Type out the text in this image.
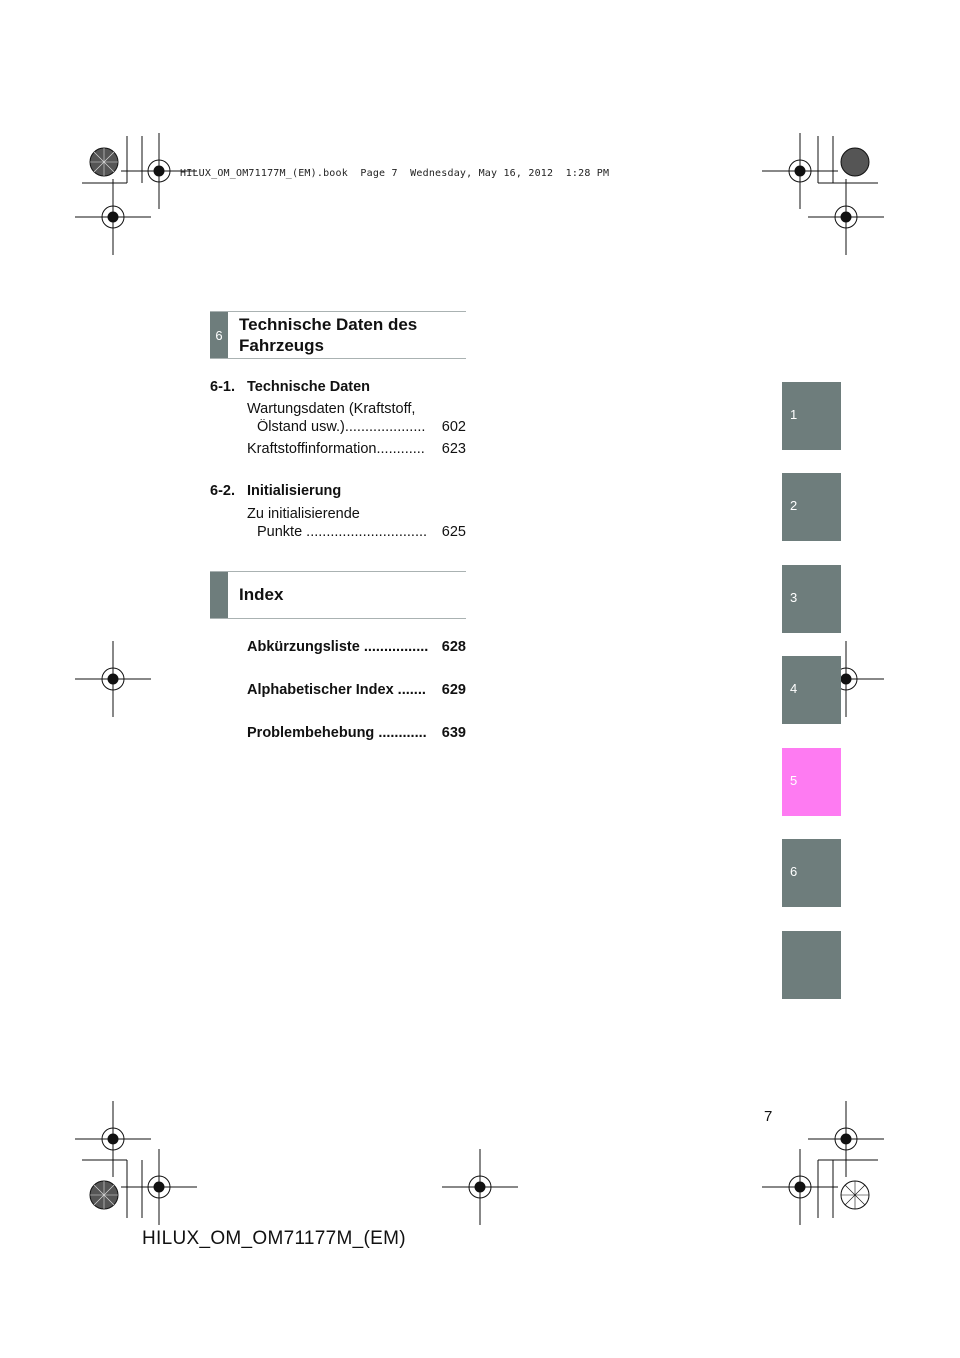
HILUX_OM_OM71177M_(EM).book  Page 7  Wednesday, May 16, 2012  1:28 PM
6
Technische Daten des
Fahrzeugs
6-1. Technische Daten
Wartungsdaten (Kraftstoff,
Ölstand usw.).................... 602
Kraftstoffinformation............ 623
6-2. Initialisierung
Zu initialisierende
Punkte .............................. 625
Index
Abkürzungsliste ................ 628
Alphabetischer Index ....... 629
Problembehebung ............ 639
1
2
3
4
5
6
7
HILUX_OM_OM71177M_(EM)
